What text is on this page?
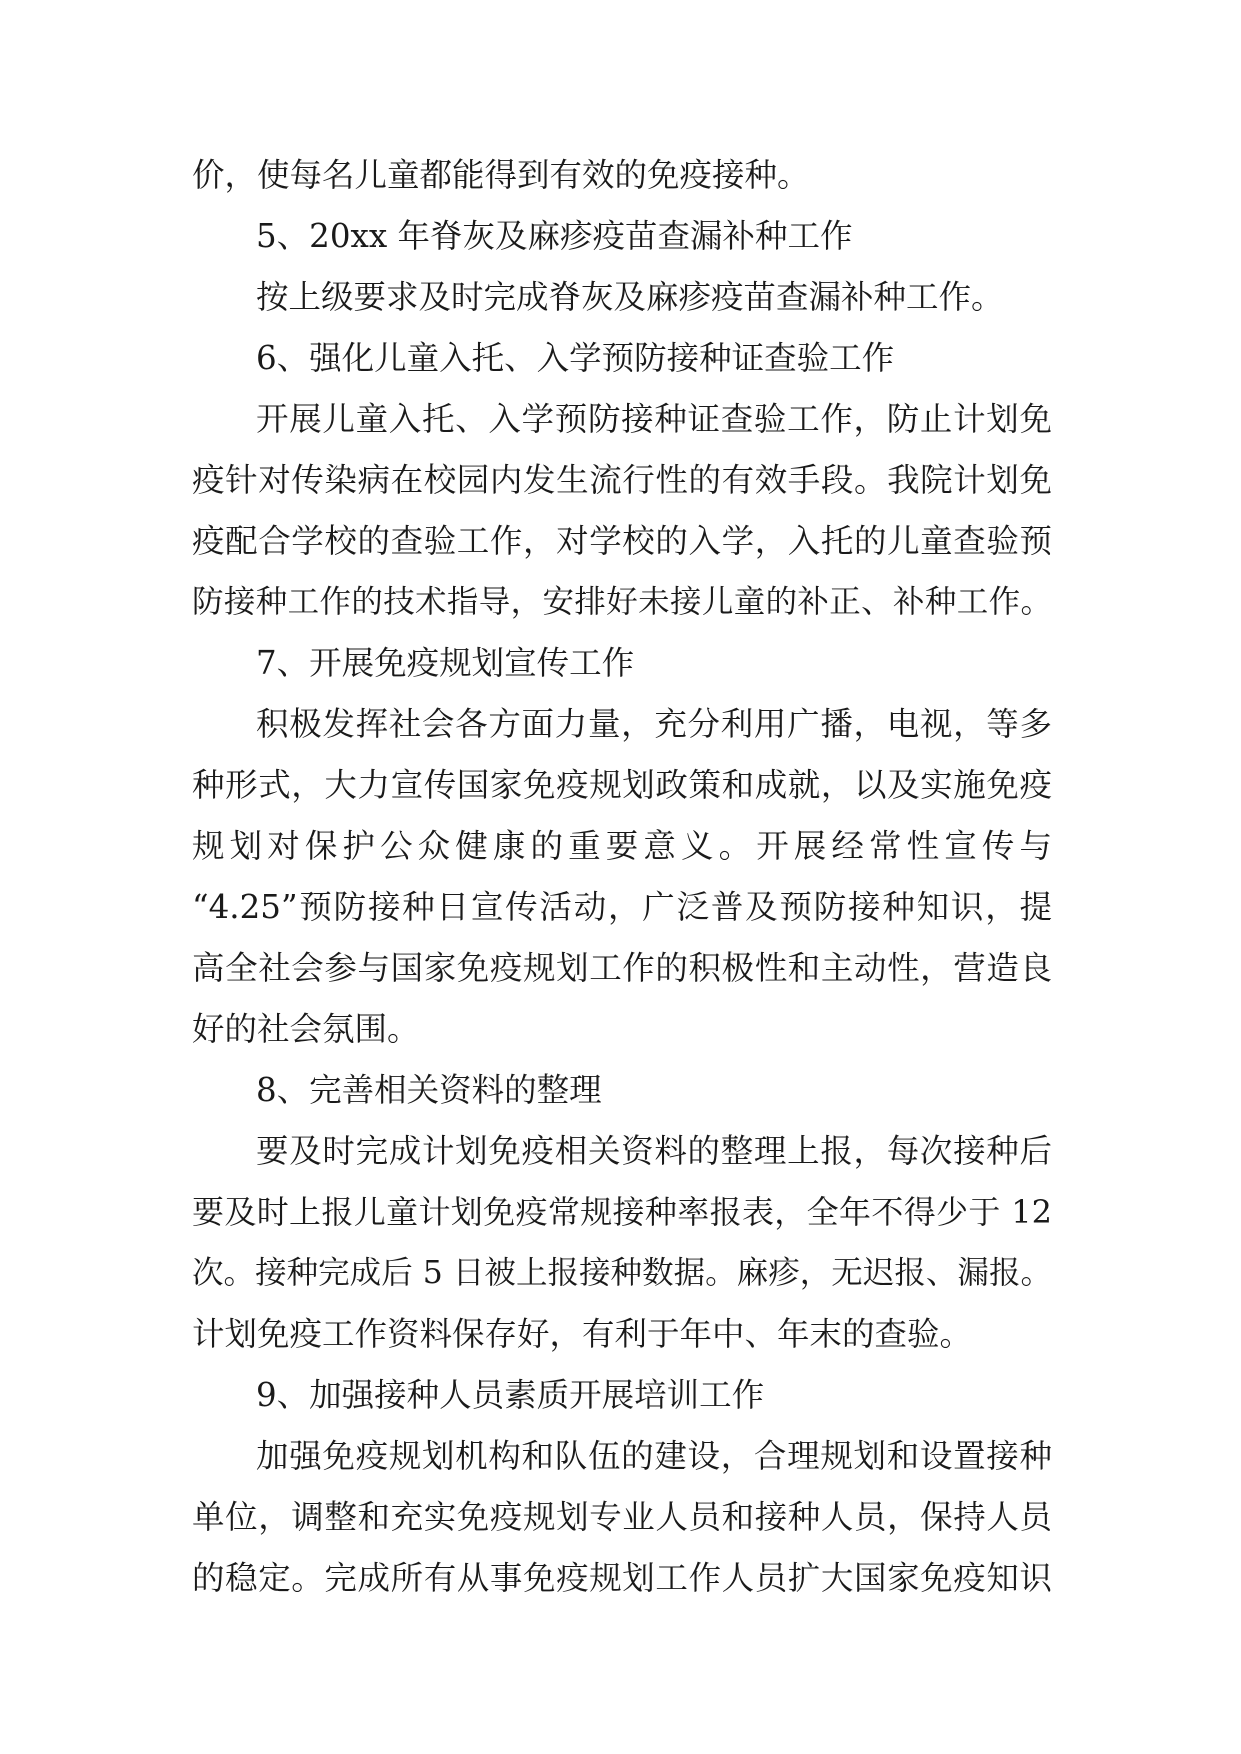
价，使每名儿童都能得到有效的免疫接种。
5、20xx 年脊灰及麻疹疫苗查漏补种工作
按上级要求及时完成脊灰及麻疹疫苗查漏补种工作。
6、强化儿童入托、入学预防接种证查验工作
开展儿童入托、入学预防接种证查验工作，防止计划免
疫针对传染病在校园内发生流行性的有效手段。我院计划免
疫配合学校的查验工作，对学校的入学，入托的儿童查验预
防接种工作的技术指导，安排好未接儿童的补正、补种工作。
7、开展免疫规划宣传工作
积极发挥社会各方面力量，充分利用广播，电视，等多
种形式，大力宣传国家免疫规划政策和成就，以及实施免疫
规划对保护公众健康的重要意义。开展经常性宣传与
“4.25”预防接种日宣传活动，广泛普及预防接种知识，提
高全社会参与国家免疫规划工作的积极性和主动性，营造良
好的社会氛围。
8、完善相关资料的整理
要及时完成计划免疫相关资料的整理上报，每次接种后
要及时上报儿童计划免疫常规接种率报表，全年不得少于 12
次。接种完成后 5 日被上报接种数据。麻疹，无迟报、漏报。
计划免疫工作资料保存好，有利于年中、年末的查验。
9、加强接种人员素质开展培训工作
加强免疫规划机构和队伍的建设，合理规划和设置接种
单位，调整和充实免疫规划专业人员和接种人员，保持人员
的稳定。完成所有从事免疫规划工作人员扩大国家免疫知识
